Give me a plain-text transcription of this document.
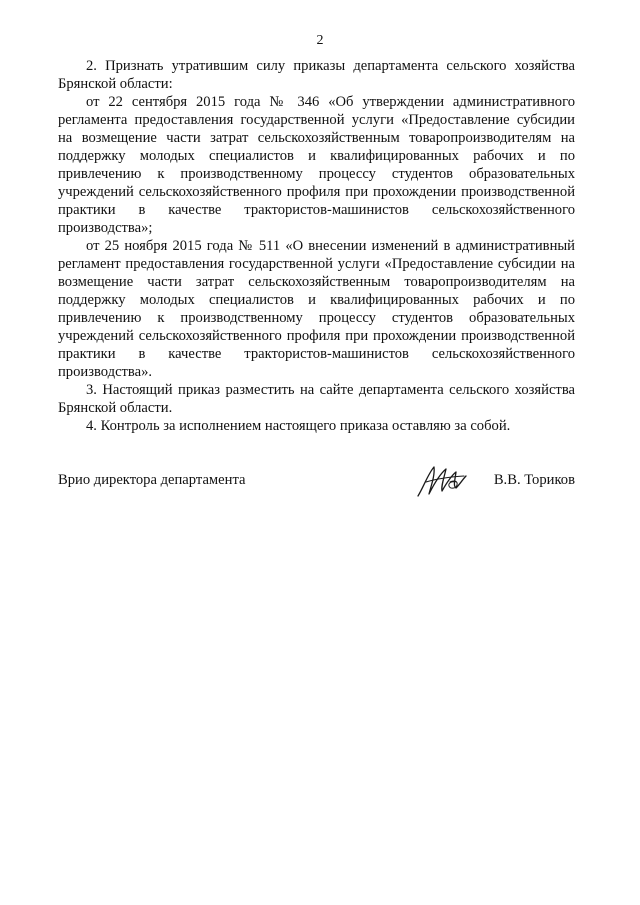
2

2. Признать утратившим силу приказы департамента сельского хозяйства Брянской области:

от 22 сентября 2015 года № 346 «Об утверждении административного регламента предоставления государственной услуги «Предоставление субсидии на возмещение части затрат сельскохозяйственным товаропроизводителям на поддержку молодых специалистов и квалифицированных рабочих и по привлечению к производственному процессу студентов образовательных учреждений сельскохозяйственного профиля при прохождении производственной практики в качестве трактористов-машинистов сельскохозяйственного производства»;

от 25 ноября 2015 года № 511 «О внесении изменений в административный регламент предоставления государственной услуги «Предоставление субсидии на возмещение части затрат сельскохозяйственным товаропроизводителям на поддержку молодых специалистов и квалифицированных рабочих и по привлечению к производственному процессу студентов образовательных учреждений сельскохозяйственного профиля при прохождении производственной практики в качестве трактористов-машинистов сельскохозяйственного производства».

3. Настоящий приказ разместить на сайте департамента сельского хозяйства Брянской области.

4. Контроль за исполнением настоящего приказа оставляю за собой.

Врио директора департамента	В.В. Ториков
